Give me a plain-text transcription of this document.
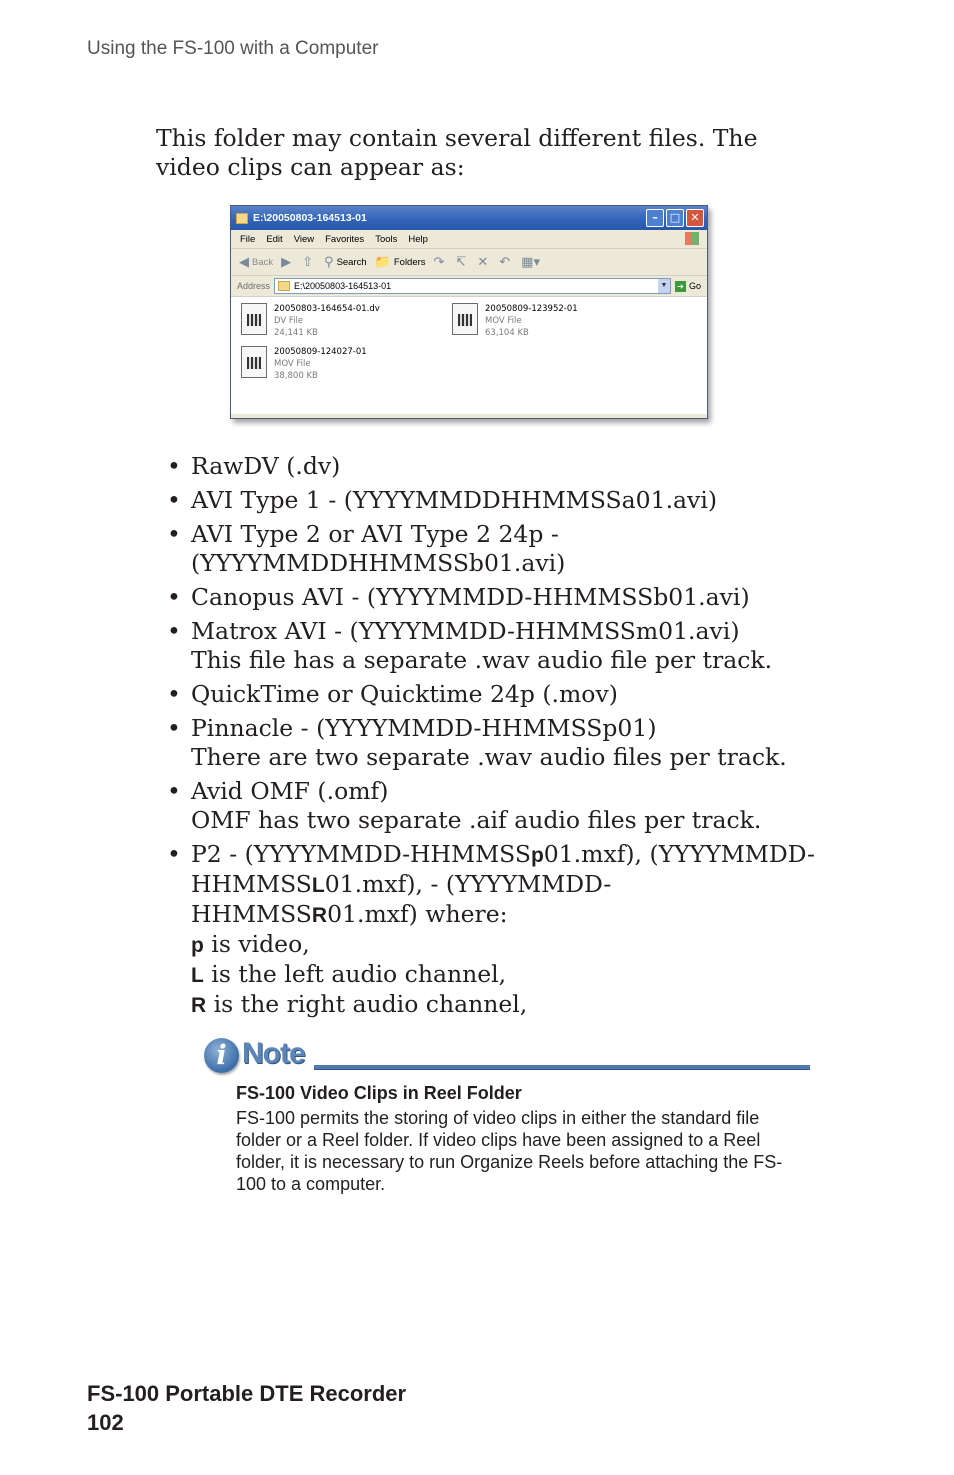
Using the FS-100 with a Computer

This folder may contain several different files. The video clips can appear as:

E:\20050803-164513-01	–	□ ✕
File Edit View Favorites Tools Help
◀ Back ▶ ⇧ ⚲ Search 📁 Folders ↷ ↸ ✕ ↶ ▦▾
Address	E:\20050803-164513-01	▼	➜ Go
20050803-164654-01.dv
DV File
24,141 KB
20050809-123952-01
MOV File
63,104 KB
20050809-124027-01
MOV File
38,800 KB
• RawDV (.dv)
• AVI Type 1 - (YYYYMMDDHHMMSSa01.avi)
• AVI Type 2 or AVI Type 2 24p - (YYYYMMDDHHMMSSb01.avi)
• Canopus AVI - (YYYYMMDD-HHMMSSb01.avi)
• Matrox AVI - (YYYYMMDD-HHMMSSm01.avi)
This file has a separate .wav audio file per track.
• QuickTime or Quicktime 24p (.mov)
• Pinnacle - (YYYYMMDD-HHMMSSp01)
There are two separate .wav audio files per track.
• Avid OMF (.omf)
OMF has two separate .aif audio files per track.
• P2 - (YYYYMMDD-HHMMSSp01.mxf), (YYYYMMDD-HHMMSSL01.mxf), - (YYYYMMDD-HHMMSSR01.mxf) where:
p is video,
L is the left audio channel,
R is the right audio channel,
i Note
FS-100 Video Clips in Reel Folder
FS-100 permits the storing of video clips in either the standard file folder or a Reel folder. If video clips have been assigned to a Reel folder, it is necessary to run Organize Reels before attaching the FS-100 to a computer.
FS-100 Portable DTE Recorder
102
